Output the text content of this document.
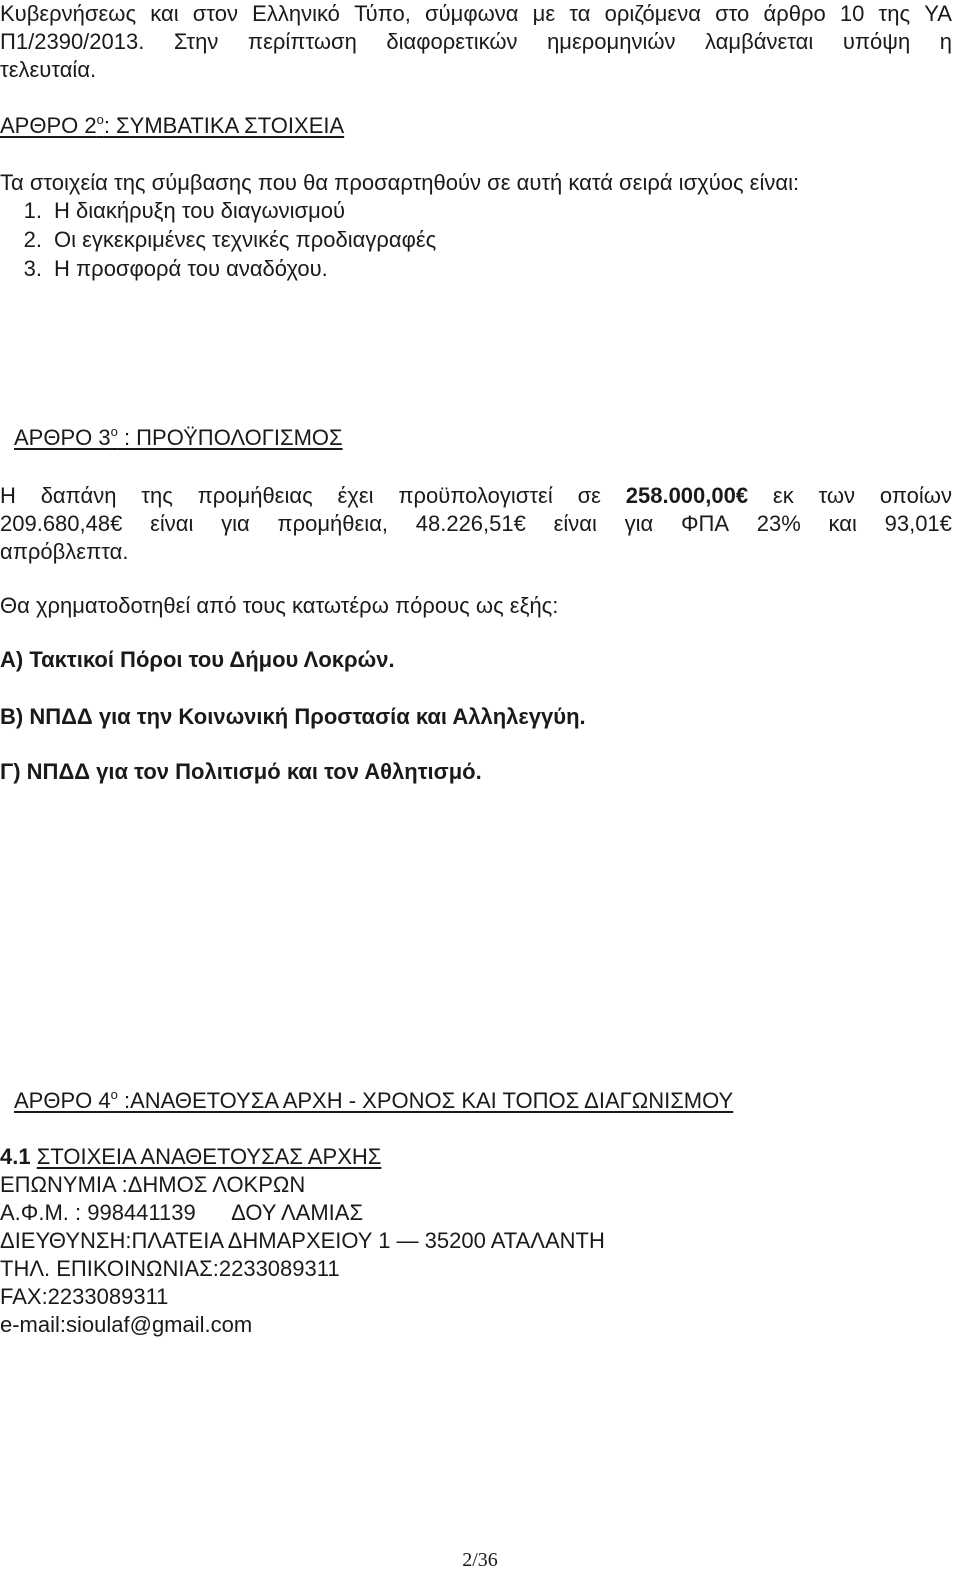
Κυβερνήσεως και στον Ελληνικό Τύπο, σύμφωνα με τα οριζόμενα στο άρθρο 10 της ΥΑ
Π1/2390/2013. Στην περίπτωση διαφορετικών ημερομηνιών λαμβάνεται υπόψη η
τελευταία.
ΑΡΘΡΟ $2^o$: ΣΥΜΒΑΤΙΚΑ ΣΤΟΙΧΕΙΑ
Τα στοιχεία της σύμβασης που θα προσαρτηθούν σε αυτή κατά σειρά ισχύος είναι:
1. Η διακήρυξη του διαγωνισμού
2. Οι εγκεκριμένες τεχνικές προδιαγραφές
3. Η προσφορά του αναδόχου.
ΑΡΘΡΟ $3^o$ : ΠΡΟΫΠΟΛΟΓΙΣΜΟΣ
Η δαπάνη της προμήθειας έχει προϋπολογιστεί σε 258.000,00€ εκ των οποίων
209.680,48€ είναι για προμήθεια, 48.226,51€ είναι για ΦΠΑ 23% και 93,01€
απρόβλεπτα.
Θα χρηματοδοτηθεί από τους κατωτέρω πόρους ως εξής:
Α) Τακτικοί Πόροι του Δήμου Λοκρών.
Β) ΝΠΔΔ για την Κοινωνική Προστασία και Αλληλεγγύη.
Γ) ΝΠΔΔ για τον Πολιτισμό και τον Αθλητισμό.
ΑΡΘΡΟ $4^o$ :ΑΝΑΘΕΤΟΥΣΑ ΑΡΧΗ - ΧΡΟΝΟΣ ΚΑΙ ΤΟΠΟΣ ΔΙΑΓΩΝΙΣΜΟΥ
4.1 ΣΤΟΙΧΕΙΑ ΑΝΑΘΕΤΟΥΣΑΣ ΑΡΧΗΣ
ΕΠΩΝΥΜΙΑ :ΔΗΜΟΣ ΛΟΚΡΩΝ
Α.Φ.Μ. : 998441139      ΔΟΥ ΛΑΜΙΑΣ
ΔΙΕΥΘΥΝΣΗ:ΠΛΑΤΕΙΑ ΔΗΜΑΡΧΕΙΟΥ 1 — 35200 ΑΤΑΛΑΝΤΗ
ΤΗΛ. ΕΠΙΚΟΙΝΩΝΙΑΣ:2233089311
FAX:2233089311
e-mail:sioulaf@gmail.com
2/36
